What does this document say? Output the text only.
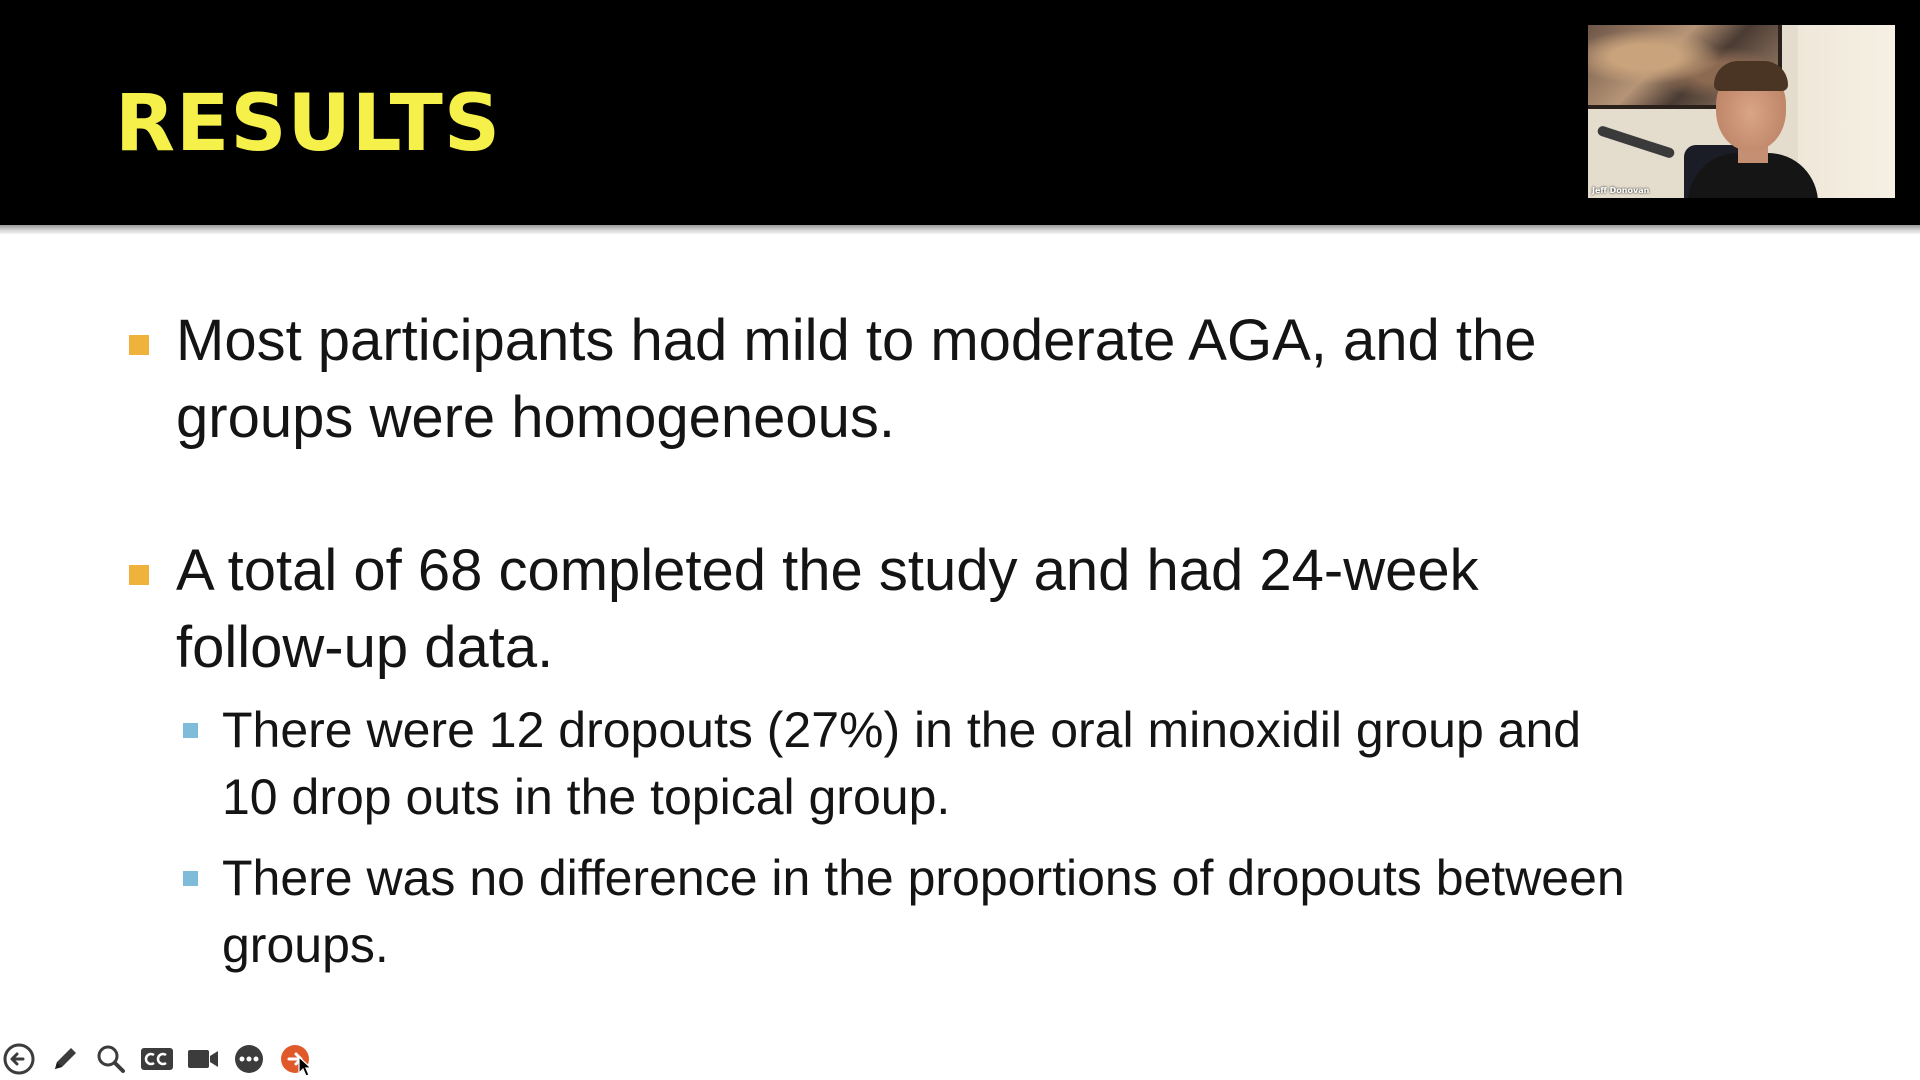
RESULTS
Jeff Donovan

Most participants had mild to moderate AGA, and the
groups were homogeneous.

A total of 68 completed the study and had 24-week
follow-up data.

There were 12 dropouts (27%) in the oral minoxidil group and
10 drop outs in the topical group.

There was no difference in the proportions of dropouts between
groups.
